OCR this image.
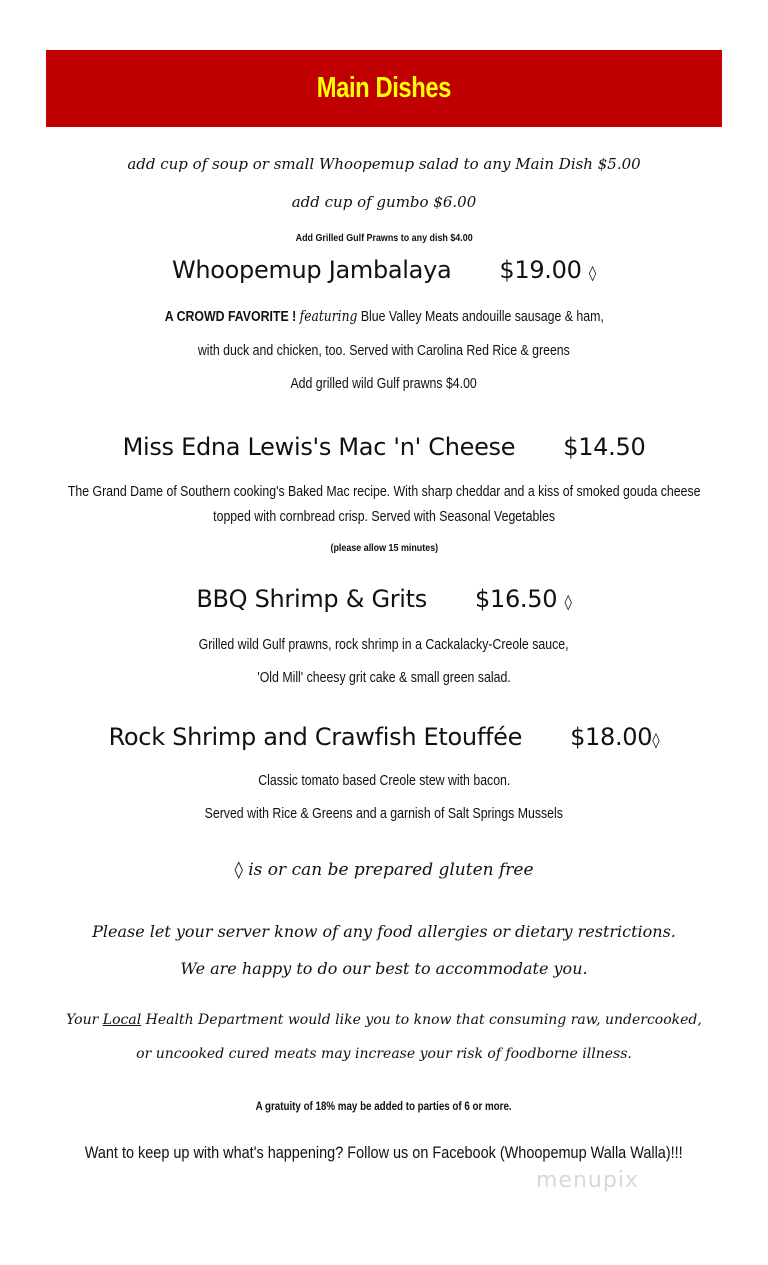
Main Dishes
add cup of soup or small Whoopemup salad to any Main Dish $5.00
add cup of gumbo $6.00
Add Grilled Gulf Prawns to any dish $4.00
Whoopemup Jambalaya $19.00 ◊
A CROWD FAVORITE ! featuring Blue Valley Meats andouille sausage & ham,
with duck and chicken, too. Served with Carolina Red Rice & greens
Add grilled wild Gulf prawns $4.00
Miss Edna Lewis's Mac 'n' Cheese $14.50
The Grand Dame of Southern cooking's Baked Mac recipe. With sharp cheddar and a kiss of smoked gouda cheese
topped with cornbread crisp. Served with Seasonal Vegetables
(please allow 15 minutes)
BBQ Shrimp & Grits $16.50 ◊
Grilled wild Gulf prawns, rock shrimp in a Cackalacky-Creole sauce,
'Old Mill' cheesy grit cake & small green salad.
Rock Shrimp and Crawfish Etouffée $18.00◊
Classic tomato based Creole stew with bacon.
Served with Rice & Greens and a garnish of Salt Springs Mussels
◊ is or can be prepared gluten free
Please let your server know of any food allergies or dietary restrictions.
We are happy to do our best to accommodate you.
Your Local Health Department would like you to know that consuming raw, undercooked,
or uncooked cured meats may increase your risk of foodborne illness.
A gratuity of 18% may be added to parties of 6 or more.
Want to keep up with what's happening? Follow us on Facebook (Whoopemup Walla Walla)!!!
menupix
